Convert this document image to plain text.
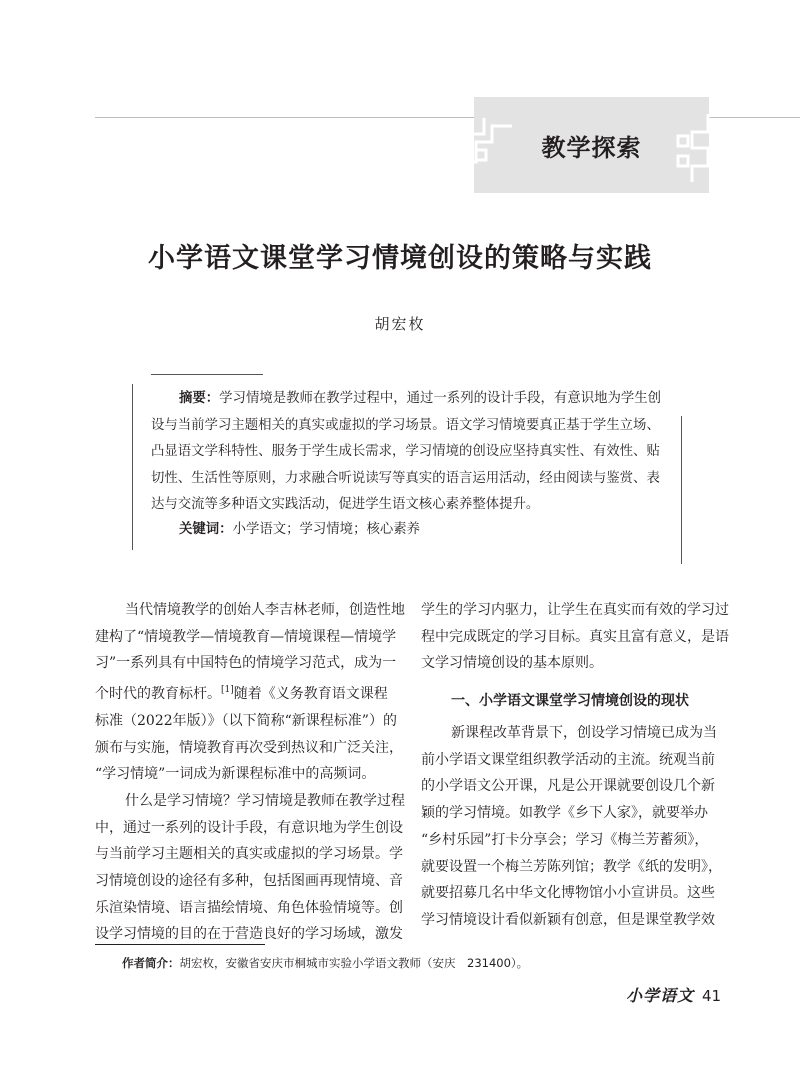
教学探索
小学语文课堂学习情境创设的策略与实践
胡宏枚
摘要：学习情境是教师在教学过程中，通过一系列的设计手段，有意识地为学生创设与当前学习主题相关的真实或虚拟的学习场景。语文学习情境要真正基于学生立场、凸显语文学科特性、服务于学生成长需求，学习情境的创设应坚持真实性、有效性、贴切性、生活性等原则，力求融合听说读写等真实的语言运用活动，经由阅读与鉴赏、表达与交流等多种语文实践活动，促进学生语文核心素养整体提升。
关键词：小学语文；学习情境；核心素养
当代情境教学的创始人李吉林老师，创造性地
建构了“情境教学—情境教育—情境课程—情境学
习”一系列具有中国特色的情境学习范式，成为一
个时代的教育标杆。[1]随着《义务教育语文课程
标准（2022年版）》（以下简称“新课程标准”）的
颁布与实施，情境教育再次受到热议和广泛关注，
“学习情境”一词成为新课程标准中的高频词。
什么是学习情境？学习情境是教师在教学过程
中，通过一系列的设计手段，有意识地为学生创设
与当前学习主题相关的真实或虚拟的学习场景。学
习情境创设的途径有多种，包括图画再现情境、音
乐渲染情境、语言描绘情境、角色体验情境等。创
设学习情境的目的在于营造良好的学习场域，激发
学生的学习内驱力，让学生在真实而有效的学习过
程中完成既定的学习目标。真实且富有意义，是语
文学习情境创设的基本原则。
一、小学语文课堂学习情境创设的现状
新课程改革背景下，创设学习情境已成为当
前小学语文课堂组织教学活动的主流。统观当前
的小学语文公开课，凡是公开课就要创设几个新
颖的学习情境。如教学《乡下人家》，就要举办
“乡村乐园”打卡分享会；学习《梅兰芳蓄须》，
就要设置一个梅兰芳陈列馆；教学《纸的发明》，
就要招募几名中华文化博物馆小小宣讲员。这些
学习情境设计看似新颖有创意，但是课堂教学效
作者简介：胡宏枚，安徽省安庆市桐城市实验小学语文教师（安庆　231400）。
小学语文 41
